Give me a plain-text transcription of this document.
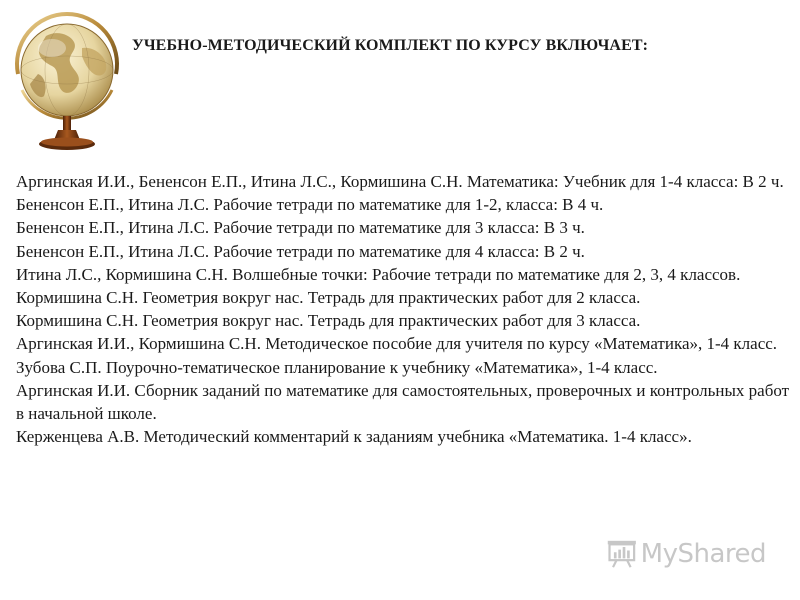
УЧЕБНО-МЕТОДИЧЕСКИЙ КОМПЛЕКТ ПО КУРСУ ВКЛЮЧАЕТ:

Аргинская И.И., Бененсон Е.П., Итина Л.С., Кормишина С.Н. Математика: Учебник для 1-4 класса: В 2 ч.

Бененсон Е.П., Итина Л.С. Рабочие тетради по математике для 1-2, класса: В 4 ч.

Бененсон Е.П., Итина Л.С. Рабочие тетради по математике для 3 класса: В 3 ч.

Бененсон Е.П., Итина Л.С. Рабочие тетради по математике для 4 класса: В 2 ч.

Итина Л.С., Кормишина С.Н. Волшебные точки: Рабочие тетради по математике для 2, 3, 4 классов.

Кормишина С.Н. Геометрия вокруг нас. Тетрадь для практических работ для 2 класса.

Кормишина С.Н. Геометрия вокруг нас. Тетрадь для практических работ для 3 класса.

Аргинская И.И., Кормишина С.Н. Методическое пособие для учителя по курсу «Математика», 1-4 класс.

Зубова С.П. Поурочно-тематическое планирование к учебнику «Математика», 1-4 класс.

Аргинская И.И. Сборник заданий по математике для самостоятельных, проверочных и контрольных работ в начальной школе.

Керженцева А.В. Методический комментарий к заданиям учебника «Математика. 1-4 класс».

MyShared
